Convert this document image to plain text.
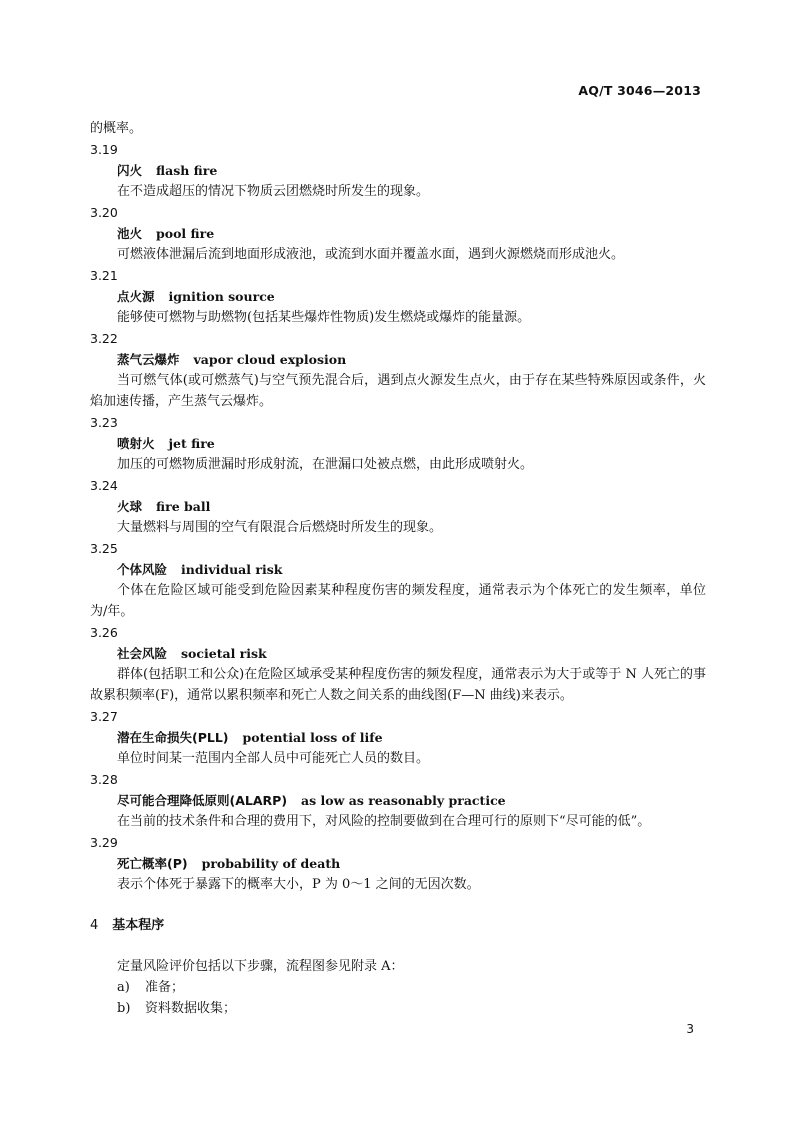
AQ/T 3046—2013
的概率。
3.19
闪火 flash fire
在不造成超压的情况下物质云团燃烧时所发生的现象。
3.20
池火 pool fire
可燃液体泄漏后流到地面形成液池，或流到水面并覆盖水面，遇到火源燃烧而形成池火。
3.21
点火源 ignition source
能够使可燃物与助燃物(包括某些爆炸性物质)发生燃烧或爆炸的能量源。
3.22
蒸气云爆炸 vapor cloud explosion
当可燃气体(或可燃蒸气)与空气预先混合后，遇到点火源发生点火，由于存在某些特殊原因或条件，火焰加速传播，产生蒸气云爆炸。
3.23
喷射火 jet fire
加压的可燃物质泄漏时形成射流，在泄漏口处被点燃，由此形成喷射火。
3.24
火球 fire ball
大量燃料与周围的空气有限混合后燃烧时所发生的现象。
3.25
个体风险 individual risk
个体在危险区域可能受到危险因素某种程度伤害的频发程度，通常表示为个体死亡的发生频率，单位为/年。
3.26
社会风险 societal risk
群体(包括职工和公众)在危险区域承受某种程度伤害的频发程度，通常表示为大于或等于 N 人死亡的事故累积频率(F)，通常以累积频率和死亡人数之间关系的曲线图(F—N 曲线)来表示。
3.27
潜在生命损失(PLL) potential loss of life
单位时间某一范围内全部人员中可能死亡人员的数目。
3.28
尽可能合理降低原则(ALARP) as low as reasonably practice
在当前的技术条件和合理的费用下，对风险的控制要做到在合理可行的原则下“尽可能的低”。
3.29
死亡概率(P) probability of death
表示个体死于暴露下的概率大小，P 为 0～1 之间的无因次数。
4 基本程序
定量风险评价包括以下步骤，流程图参见附录 A：
a) 准备；
b) 资料数据收集；
3
